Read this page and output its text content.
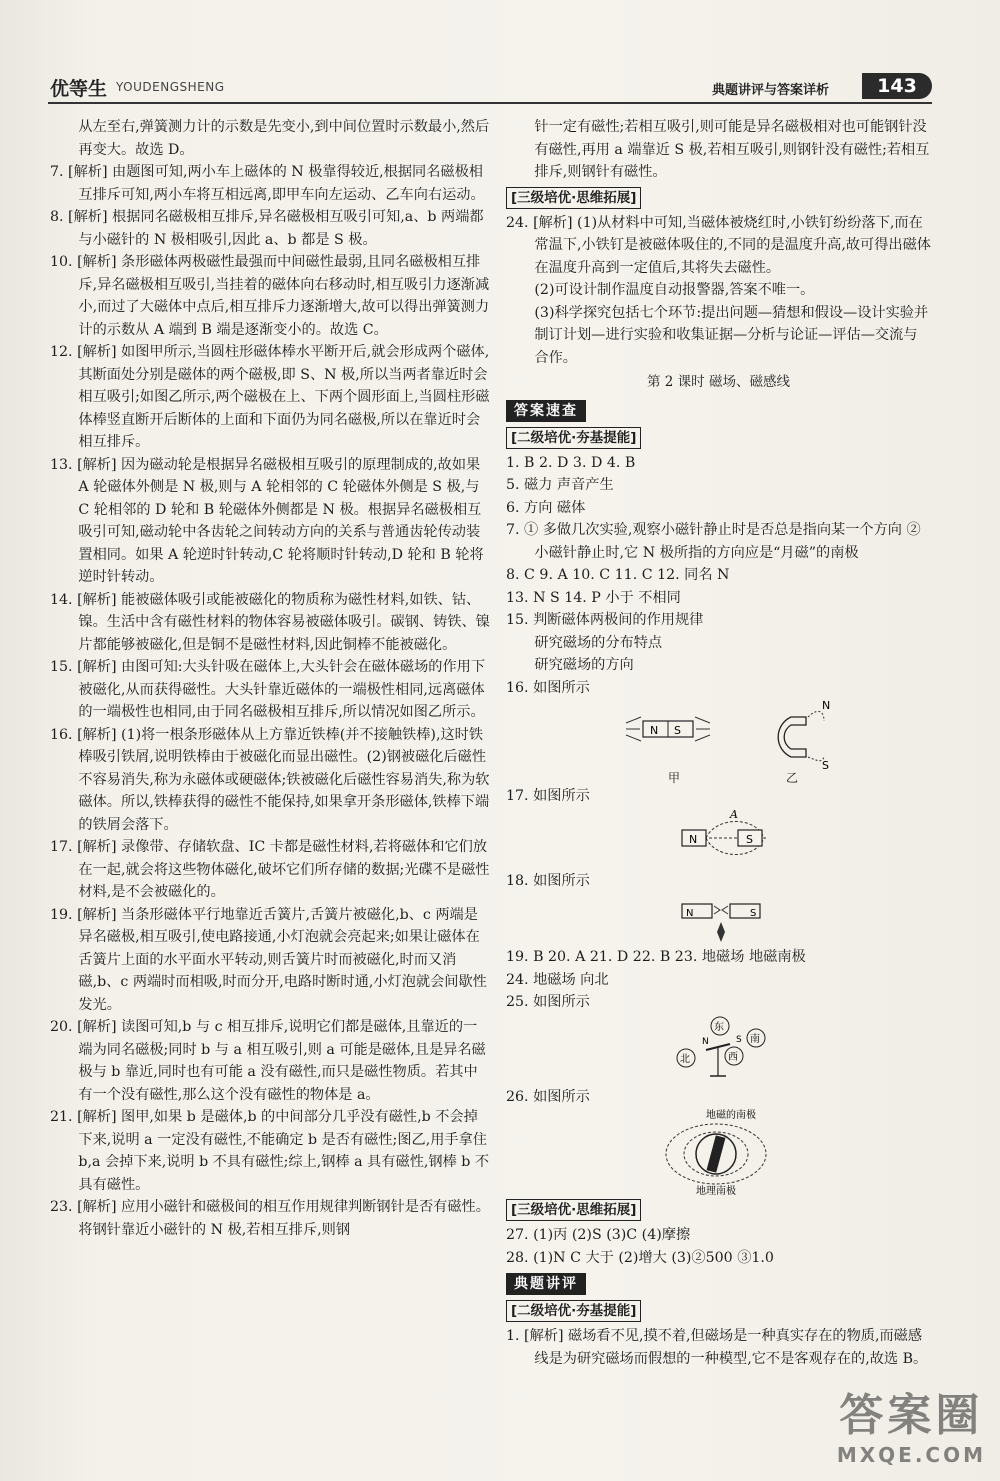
优等生 YOUDENGSHENG	典题讲评与答案详析	143

从左至右,弹簧测力计的示数是先变小,到中间位置时示数最小,然后再变大。故选 D。

7. [解析] 由题图可知,两小车上磁体的 N 极靠得较近,根据同名磁极相互排斥可知,两小车将互相远离,即甲车向左运动、乙车向右运动。

8. [解析] 根据同名磁极相互排斥,异名磁极相互吸引可知,a、b 两端都与小磁针的 N 极相吸引,因此 a、b 都是 S 极。

10. [解析] 条形磁体两极磁性最强而中间磁性最弱,且同名磁极相互排斥,异名磁极相互吸引,当挂着的磁体向右移动时,相互吸引力逐渐减小,而过了大磁体中点后,相互排斥力逐渐增大,故可以得出弹簧测力计的示数从 A 端到 B 端是逐渐变小的。故选 C。

12. [解析] 如图甲所示,当圆柱形磁体棒水平断开后,就会形成两个磁体,其断面处分别是磁体的两个磁极,即 S、N 极,所以当两者靠近时会相互吸引;如图乙所示,两个磁极在上、下两个圆形面上,当圆柱形磁体棒竖直断开后断体的上面和下面仍为同名磁极,所以在靠近时会相互排斥。

13. [解析] 因为磁动轮是根据异名磁极相互吸引的原理制成的,故如果 A 轮磁体外侧是 N 极,则与 A 轮相邻的 C 轮磁体外侧是 S 极,与 C 轮相邻的 D 轮和 B 轮磁体外侧都是 N 极。根据异名磁极相互吸引可知,磁动轮中各齿轮之间转动方向的关系与普通齿轮传动装置相同。如果 A 轮逆时针转动,C 轮将顺时针转动,D 轮和 B 轮将逆时针转动。

14. [解析] 能被磁体吸引或能被磁化的物质称为磁性材料,如铁、钴、镍。生活中含有磁性材料的物体容易被磁体吸引。碳钢、铸铁、镍片都能够被磁化,但是铜不是磁性材料,因此铜棒不能被磁化。

15. [解析] 由图可知:大头针吸在磁体上,大头针会在磁体磁场的作用下被磁化,从而获得磁性。大头针靠近磁体的一端极性相同,远离磁体的一端极性也相同,由于同名磁极相互排斥,所以情况如图乙所示。

16. [解析] (1)将一根条形磁体从上方靠近铁棒(并不接触铁棒),这时铁棒吸引铁屑,说明铁棒由于被磁化而显出磁性。(2)钢被磁化后磁性不容易消失,称为永磁体或硬磁体;铁被磁化后磁性容易消失,称为软磁体。所以,铁棒获得的磁性不能保持,如果拿开条形磁体,铁棒下端的铁屑会落下。

17. [解析] 录像带、存储软盘、IC 卡都是磁性材料,若将磁体和它们放在一起,就会将这些物体磁化,破坏它们所存储的数据;光碟不是磁性材料,是不会被磁化的。

19. [解析] 当条形磁体平行地靠近舌簧片,舌簧片被磁化,b、c 两端是异名磁极,相互吸引,使电路接通,小灯泡就会亮起来;如果让磁体在舌簧片上面的水平面水平转动,则舌簧片时而被磁化,时而又消磁,b、c 两端时而相吸,时而分开,电路时断时通,小灯泡就会间歇性发光。

20. [解析] 读图可知,b 与 c 相互排斥,说明它们都是磁体,且靠近的一端为同名磁极;同时 b 与 a 相互吸引,则 a 可能是磁体,且是异名磁极与 b 靠近,同时也有可能 a 没有磁性,而只是磁性物质。若其中有一个没有磁性,那么这个没有磁性的物体是 a。

21. [解析] 图甲,如果 b 是磁体,b 的中间部分几乎没有磁性,b 不会掉下来,说明 a 一定没有磁性,不能确定 b 是否有磁性;图乙,用手拿住 b,a 会掉下来,说明 b 不具有磁性;综上,钢棒 a 具有磁性,钢棒 b 不具有磁性。

23. [解析] 应用小磁针和磁极间的相互作用规律判断钢针是否有磁性。将钢针靠近小磁针的 N 极,若相互排斥,则钢

针一定有磁性;若相互吸引,则可能是异名磁极相对也可能钢针没有磁性,再用 a 端靠近 S 极,若相互吸引,则钢针没有磁性;若相互排斥,则钢针有磁性。

[三级培优·思维拓展]

24. [解析] (1)从材料中可知,当磁体被烧红时,小铁钉纷纷落下,而在常温下,小铁钉是被磁体吸住的,不同的是温度升高,故可得出磁体在温度升高到一定值后,其将失去磁性。

(2)可设计制作温度自动报警器,答案不唯一。

(3)科学探究包括七个环节:提出问题—猜想和假设—设计实验并制订计划—进行实验和收集证据—分析与论证—评估—交流与合作。

第 2 课时 磁场、磁感线

答案速查
[二级培优·夯基提能]

1. B 2. D 3. D 4. B

5. 磁力 声音产生

6. 方向 磁体

7. ① 多做几次实验,观察小磁针静止时是否总是指向某一个方向 ② 小磁针静止时,它 N 极所指的方向应是“月磁”的南极

8. C 9. A 10. C 11. C 12. 同名 N

13. N S 14. P 小于 不相同

15. 判断磁体两极间的作用规律

研究磁场的分布特点

研究磁场的方向

16. 如图所示

N S
N
S
甲	乙

17. 如图所示

N	S
A

18. 如图所示

N	S

19. B 20. A 21. D 22. B 23. 地磁场 地磁南极

24. 地磁场 向北

25. 如图所示

北
东
南
西
N	S

26. 如图所示

地磁的南极
地理南极
[三级培优·思维拓展]

27. (1)丙 (2)S (3)C (4)摩擦

28. (1)N C 大于 (2)增大 (3)②500 ③1.0

典题讲评
[二级培优·夯基提能]

1. [解析] 磁场看不见,摸不着,但磁场是一种真实存在的物质,而磁感线是为研究磁场而假想的一种模型,它不是客观存在的,故选 B。

答案圈
MXQE.COM
